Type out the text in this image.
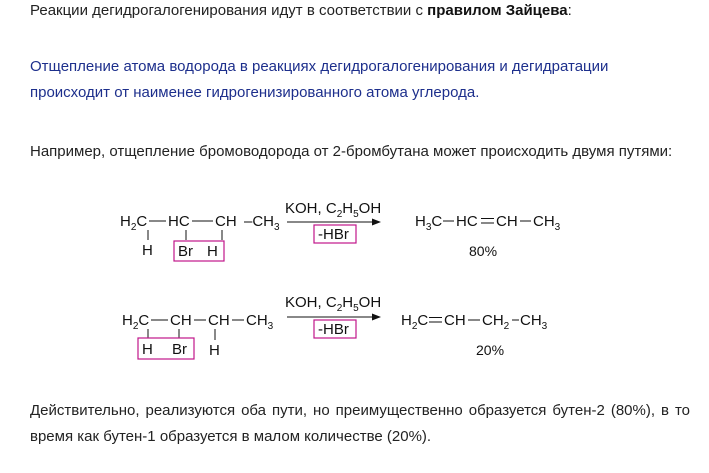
Реакции дегидрогалогенирования идут в соответствии с правилом Зайцева:

Отщепление атома водорода в реакциях дегидрогалогенирования и дегидратации
происходит от наименее гидрогенизированного атома углерода.

Например, отщепление бромоводорода от 2-бромбутана может происходить двумя путями:

$H_2C$ HC CH $-CH_3$
H Br H
KOH, $C_2H_5OH$
-HBr
$H_3C$ HC CH $CH_3$
80%
$H_2C$ CH CH $CH_3$
H Br H
KOH, $C_2H_5OH$
-HBr
$H_2C$ CH $CH_2$ $CH_3$
20%

Действительно, реализуются оба пути, но преимущественно образуется бутен-2 (80%), в то время как бутен-1 образуется в малом количестве (20%).
